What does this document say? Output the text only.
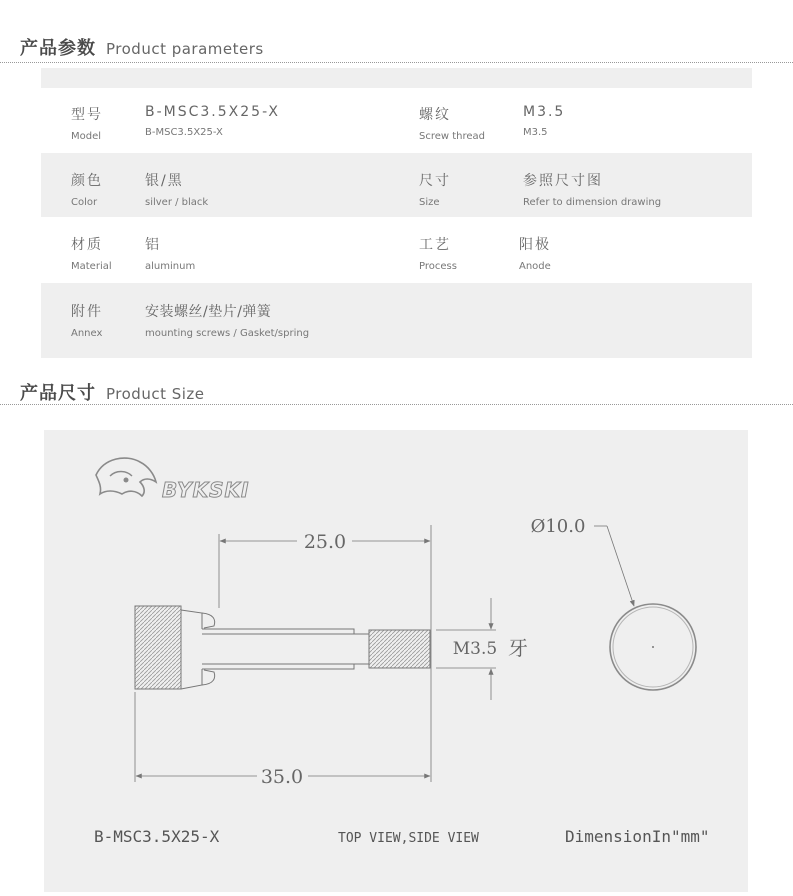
产品参数 Product parameters
型号
Model
B-MSC3.5X25-X
B-MSC3.5X25-X
螺纹
Screw thread
M3.5
M3.5
颜色
Color
银/黑
silver / black
尺寸
Size
参照尺寸图
Refer to dimension drawing
材质
Material
铝
aluminum
工艺
Process
阳极
Anode
附件
Annex
安装螺丝/垫片/弹簧
mounting screws / Gasket/spring
产品尺寸 Product Size
BYKSKI
25.0
35.0
M3.5 牙
Ø10.0
B-MSC3.5X25-X	TOP VIEW,SIDE VIEW	DimensionIn"mm"
